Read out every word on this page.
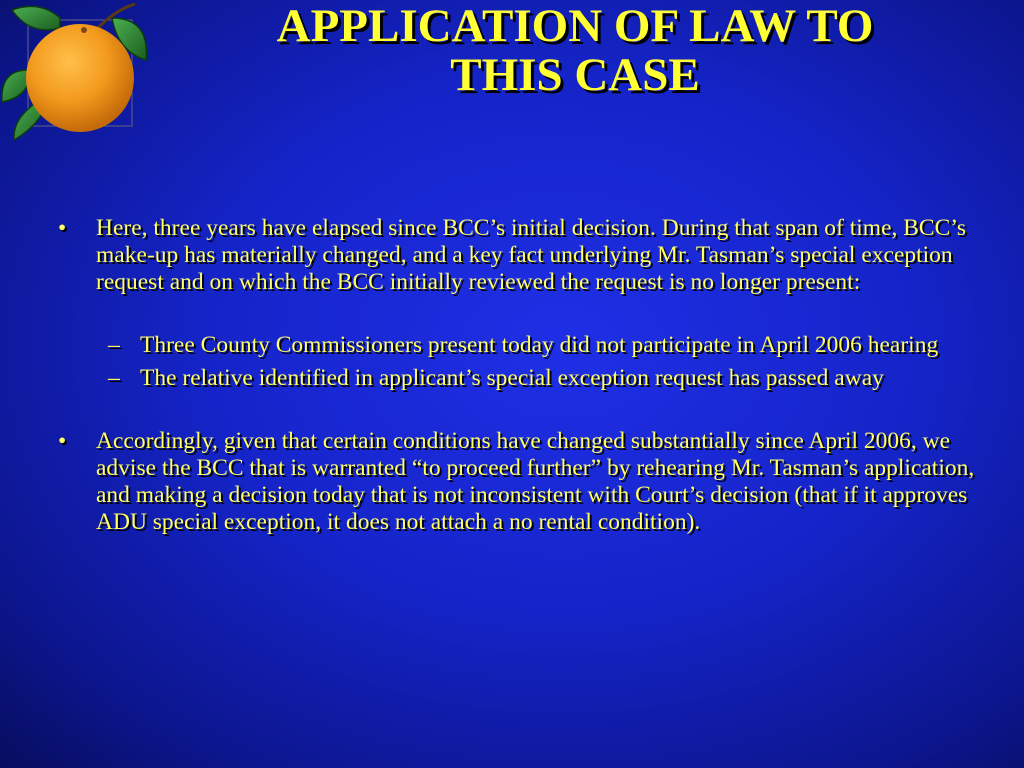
APPLICATION OF LAW TO
THIS CASE
• Here, three years have elapsed since BCC’s initial decision. During that span of time, BCC’s make-up has materially changed, and a key fact underlying Mr. Tasman’s special exception request and on which the BCC initially reviewed the request is no longer present:
– Three County Commissioners present today did not participate in April 2006 hearing
– The relative identified in applicant’s special exception request has passed away
• Accordingly, given that certain conditions have changed substantially since April 2006, we advise the BCC that is warranted “to proceed further” by rehearing Mr. Tasman’s application, and making a decision today that is not inconsistent with Court’s decision (that if it approves ADU special exception, it does not attach a no rental condition).
